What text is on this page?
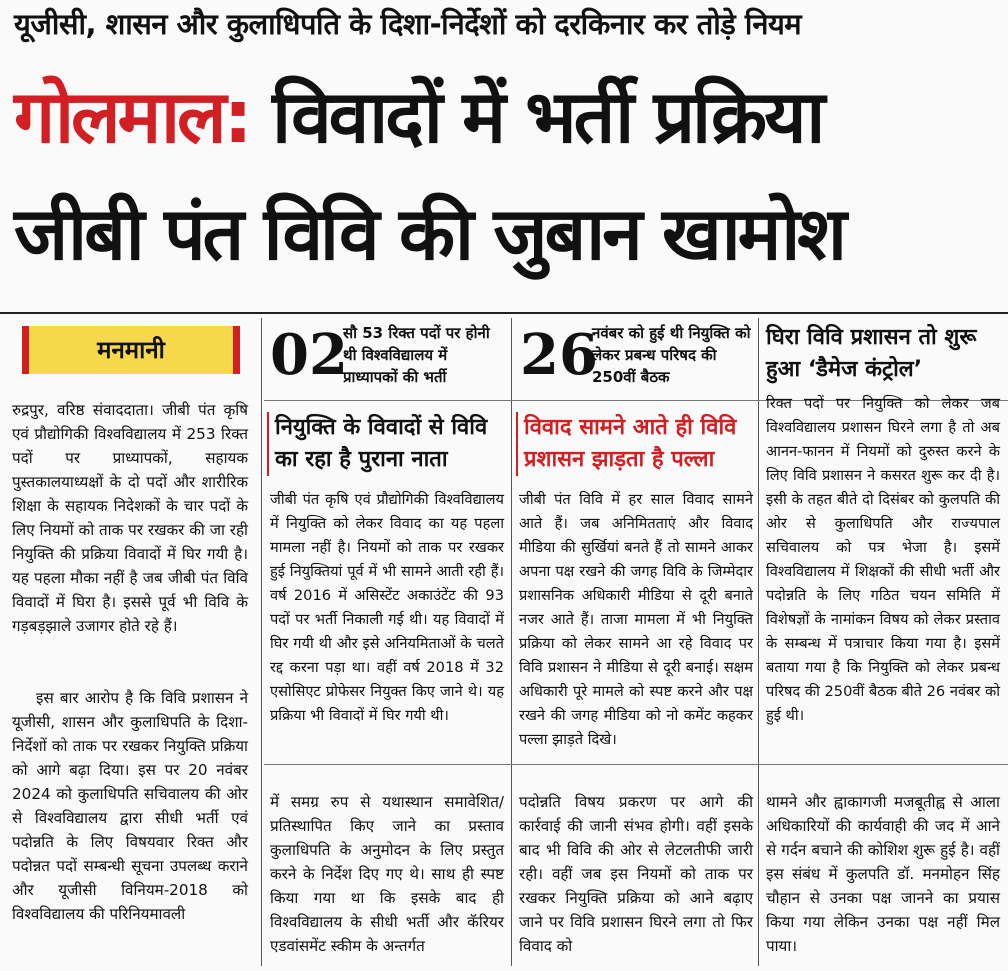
यूजीसी, शासन और कुलाधिपति के दिशा-निर्देशों को दरकिनार कर तोड़े नियम
गोलमाल: विवादों में भर्ती प्रक्रिया
जीबी पंत विवि की जुबान खामोश
मनमानी
रुद्रपुर, वरिष्ठ संवाददाता। जीबी पंत कृषि एवं प्रौद्योगिकी विश्वविद्यालय में 253 रिक्त पदों पर प्राध्यापकों, सहायक पुस्तकालयाध्यक्षों के दो पदों और शारीरिक शिक्षा के सहायक निदेशकों के चार पदों के लिए नियमों को ताक पर रखकर की जा रही नियुक्ति की प्रक्रिया विवादों में घिर गयी है। यह पहला मौका नहीं है जब जीबी पंत विवि विवादों में घिरा है। इससे पूर्व भी विवि के गड़बड़झाले उजागर होते रहे हैं।
इस बार आरोप है कि विवि प्रशासन ने यूजीसी, शासन और कुलाधिपति के दिशा-निर्देशों को ताक पर रखकर नियुक्ति प्रक्रिया को आगे बढ़ा दिया। इस पर 20 नवंबर 2024 को कुलाधिपति सचिवालय की ओर से विश्वविद्यालय द्वारा सीधी भर्ती एवं पदोन्नति के लिए विषयवार रिक्त और पदोन्नत पदों सम्बन्धी सूचना उपलब्ध कराने और यूजीसी विनियम-2018 को विश्वविद्यालय की परिनियमावली
02
सौ 53 रिक्त पदों पर होनी थी विश्वविद्यालय में प्राध्यापकों की भर्ती	26
नवंबर को हुई थी नियुक्ति को लेकर प्रबन्ध परिषद की 250वीं बैठक
नियुक्ति के विवादों से विवि का रहा है पुराना नाता
जीबी पंत कृषि एवं प्रौद्योगिकी विश्वविद्यालय में नियुक्ति को लेकर विवाद का यह पहला मामला नहीं है। नियमों को ताक पर रखकर हुई नियुक्तियां पूर्व में भी सामने आती रही हैं। वर्ष 2016 में असिस्टेंट अकाउंटेंट की 93 पदों पर भर्ती निकाली गई थी। यह विवादों में घिर गयी थी और इसे अनियमिताओं के चलते रद्द करना पड़ा था। वहीं वर्ष 2018 में 32 एसोसिएट प्रोफेसर नियुक्त किए जाने थे। यह प्रक्रिया भी विवादों में घिर गयी थी।
विवाद सामने आते ही विवि प्रशासन झाड़ता है पल्ला
जीबी पंत विवि में हर साल विवाद सामने आते हैं। जब अनिमितताएं और विवाद मीडिया की सुर्खियां बनते हैं तो सामने आकर अपना पक्ष रखने की जगह विवि के जिम्मेदार प्रशासनिक अधिकारी मीडिया से दूरी बनाते नजर आते हैं। ताजा मामला में भी नियुक्ति प्रक्रिया को लेकर सामने आ रहे विवाद पर विवि प्रशासन ने मीडिया से दूरी बनाई। सक्षम अधिकारी पूरे मामले को स्पष्ट करने और पक्ष रखने की जगह मीडिया को नो कमेंट कहकर पल्ला झाड़ते दिखे।
घिरा विवि प्रशासन तो शुरू हुआ ‘डैमेज कंट्रोल’
रिक्त पदों पर नियुक्ति को लेकर जब विश्वविद्यालय प्रशासन घिरने लगा है तो अब आनन-फानन में नियमों को दुरुस्त करने के लिए विवि प्रशासन ने कसरत शुरू कर दी है। इसी के तहत बीते दो दिसंबर को कुलपति की ओर से कुलाधिपति और राज्यपाल सचिवालय को पत्र भेजा है। इसमें विश्वविद्यालय में शिक्षकों की सीधी भर्ती और पदोन्नति के लिए गठित चयन समिति में विशेषज्ञों के नामांकन विषय को लेकर प्रस्ताव के सम्बन्ध में पत्राचार किया गया है। इसमें बताया गया है कि नियुक्ति को लेकर प्रबन्ध परिषद की 250वीं बैठक बीते 26 नवंबर को हुई थी।
में समग्र रुप से यथास्थान समावेशित/प्रतिस्थापित किए जाने का प्रस्ताव कुलाधिपति के अनुमोदन के लिए प्रस्तुत करने के निर्देश दिए गए थे। साथ ही स्पष्ट किया गया था कि इसके बाद ही विश्वविद्यालय के सीधी भर्ती और कॅरियर एडवांसमेंट स्कीम के अन्तर्गत
पदोन्नति विषय प्रकरण पर आगे की कार्रवाई की जानी संभव होगी। वहीं इसके बाद भी विवि की ओर से लेटलतीफी जारी रही। वहीं जब इस नियमों को ताक पर रखकर नियुक्ति प्रक्रिया को आने बढ़ाए जाने पर विवि प्रशासन घिरने लगा तो फिर विवाद को
थामने और ह्वाकागजी मजबूतीह्व से आला अधिकारियों की कार्यवाही की जद में आने से गर्दन बचाने की कोशिश शुरू हुई है। वहीं इस संबंध में कुलपति डॉ. मनमोहन सिंह चौहान से उनका पक्ष जानने का प्रयास किया गया लेकिन उनका पक्ष नहीं मिल पाया।
